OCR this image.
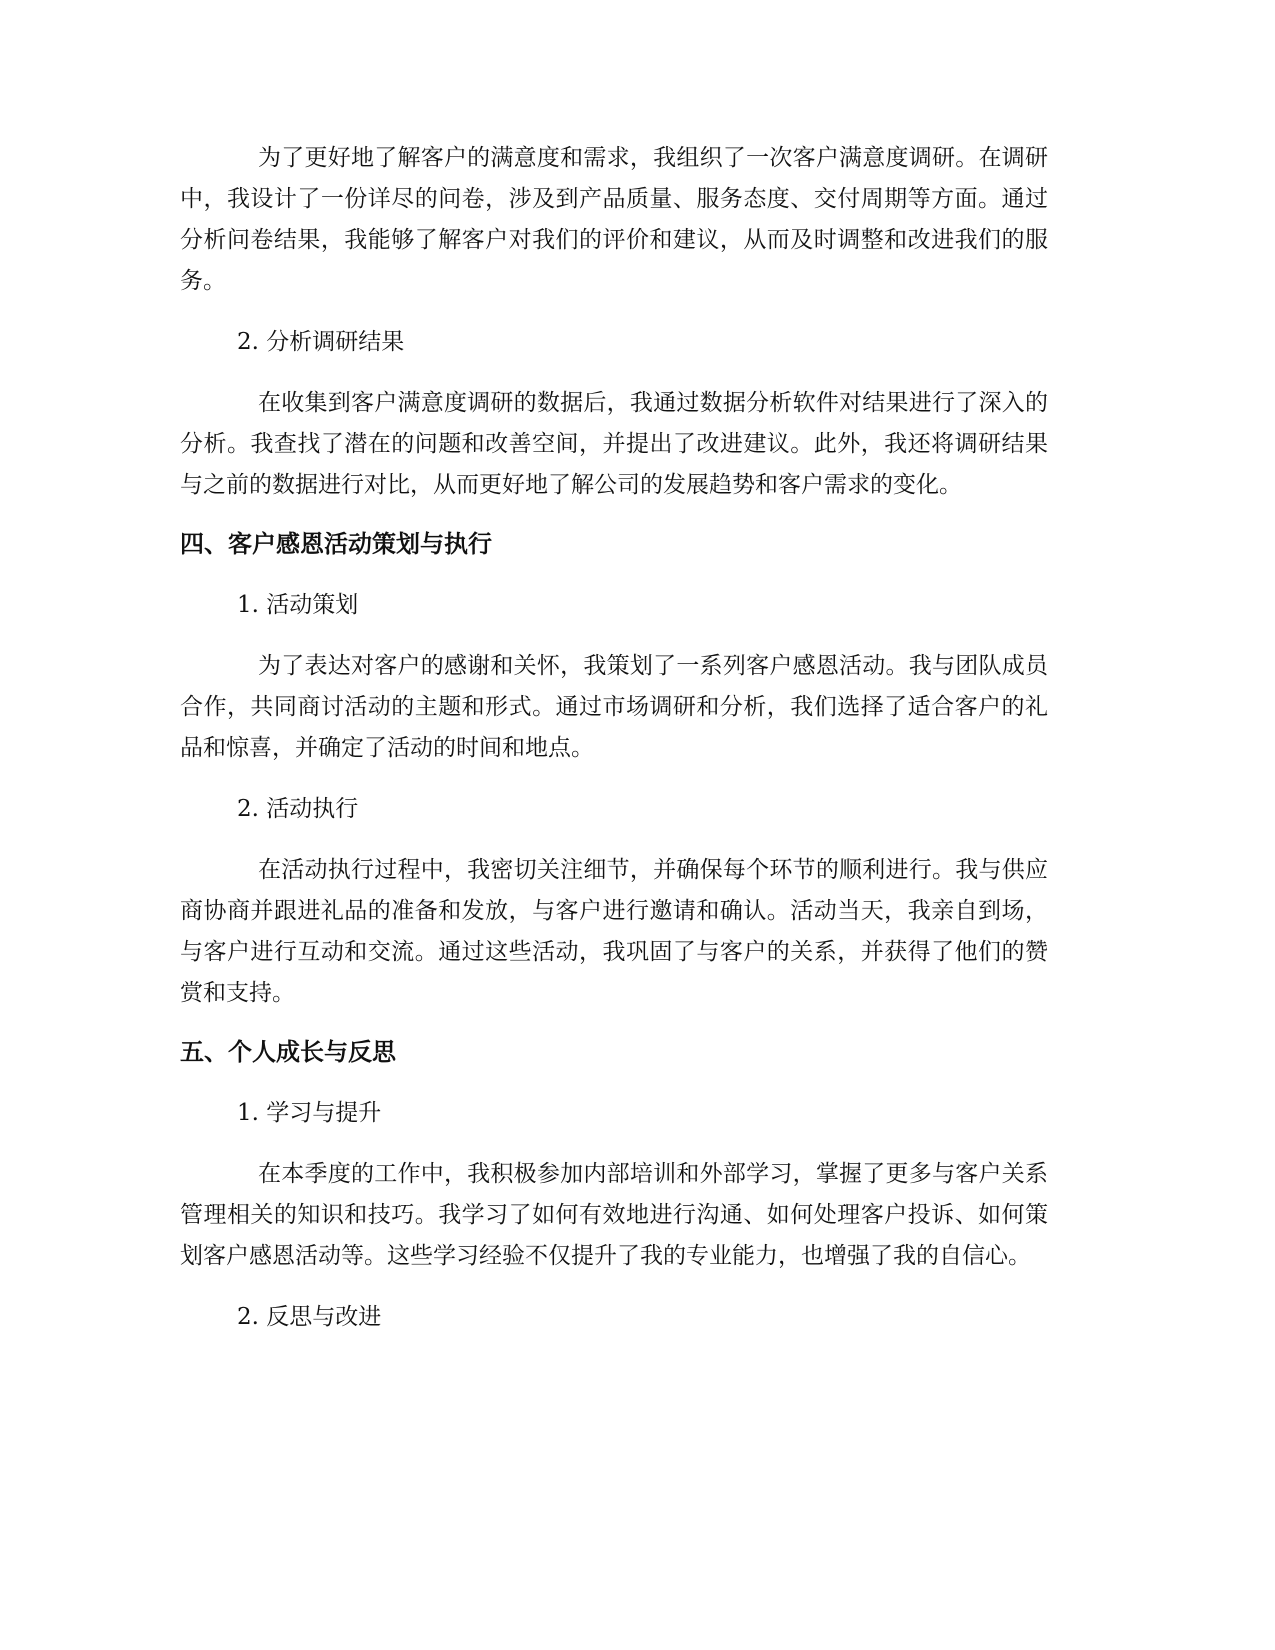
为了更好地了解客户的满意度和需求，我组织了一次客户满意度调研。在调研中，我设计了一份详尽的问卷，涉及到产品质量、服务态度、交付周期等方面。通过分析问卷结果，我能够了解客户对我们的评价和建议，从而及时调整和改进我们的服务。

2. 分析调研结果

在收集到客户满意度调研的数据后，我通过数据分析软件对结果进行了深入的分析。我查找了潜在的问题和改善空间，并提出了改进建议。此外，我还将调研结果与之前的数据进行对比，从而更好地了解公司的发展趋势和客户需求的变化。

四、客户感恩活动策划与执行

1. 活动策划

为了表达对客户的感谢和关怀，我策划了一系列客户感恩活动。我与团队成员合作，共同商讨活动的主题和形式。通过市场调研和分析，我们选择了适合客户的礼品和惊喜，并确定了活动的时间和地点。

2. 活动执行

在活动执行过程中，我密切关注细节，并确保每个环节的顺利进行。我与供应商协商并跟进礼品的准备和发放，与客户进行邀请和确认。活动当天，我亲自到场，与客户进行互动和交流。通过这些活动，我巩固了与客户的关系，并获得了他们的赞赏和支持。

五、个人成长与反思

1. 学习与提升

在本季度的工作中，我积极参加内部培训和外部学习，掌握了更多与客户关系管理相关的知识和技巧。我学习了如何有效地进行沟通、如何处理客户投诉、如何策划客户感恩活动等。这些学习经验不仅提升了我的专业能力，也增强了我的自信心。

2. 反思与改进
